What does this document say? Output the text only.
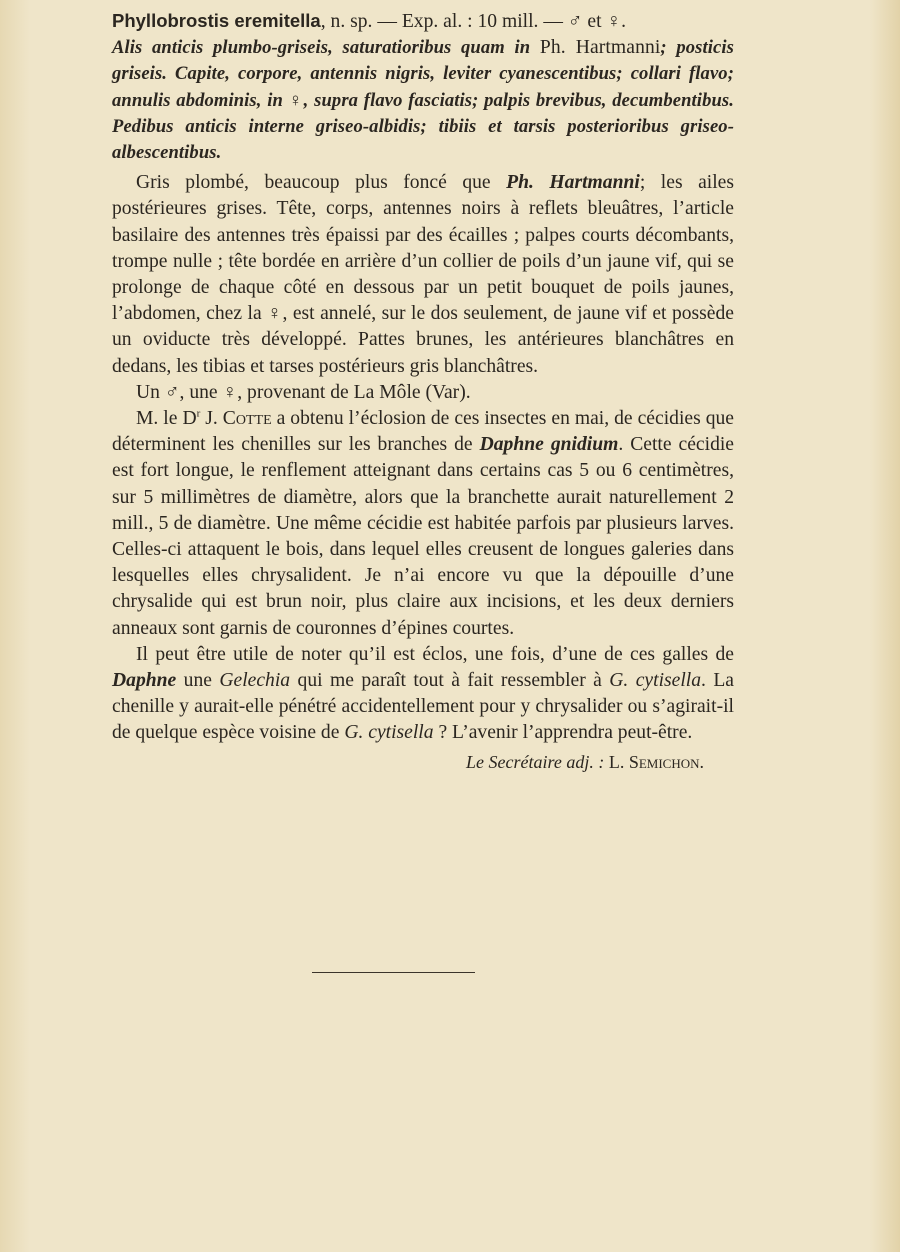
Phyllobrostis eremitella, n. sp. — Exp. al. : 10 mill. — ♂ et ♀.

Alis anticis plumbo-griseis, saturatioribus quam in Ph. Hartmanni; posticis griseis. Capite, corpore, antennis nigris, leviter cyanescentibus; collari flavo; annulis abdominis, in ♀, supra flavo fasciatis; palpis brevibus, decumbentibus. Pedibus anticis interne griseo-albidis; tibiis et tarsis posterioribus griseo-albescentibus.

Gris plombé, beaucoup plus foncé que Ph. Hartmanni; les ailes postérieures grises. Tête, corps, antennes noirs à reflets bleuâtres, l’article basilaire des antennes très épaissi par des écailles ; palpes courts décombants, trompe nulle ; tête bordée en arrière d’un collier de poils d’un jaune vif, qui se prolonge de chaque côté en dessous par un petit bouquet de poils jaunes, l’abdomen, chez la ♀, est annelé, sur le dos seulement, de jaune vif et possède un oviducte très développé. Pattes brunes, les antérieures blanchâtres en dedans, les tibias et tarses postérieurs gris blanchâtres.

Un ♂, une ♀, provenant de La Môle (Var).

M. le $D^r$ J. Cotte a obtenu l’éclosion de ces insectes en mai, de cécidies que déterminent les chenilles sur les branches de Daphne gnidium. Cette cécidie est fort longue, le renflement atteignant dans certains cas 5 ou 6 centimètres, sur 5 millimètres de diamètre, alors que la branchette aurait naturellement 2 mill., 5 de diamètre. Une même cécidie est habitée parfois par plusieurs larves. Celles-ci attaquent le bois, dans lequel elles creusent de longues galeries dans lesquelles elles chrysalident. Je n’ai encore vu que la dépouille d’une chrysalide qui est brun noir, plus claire aux incisions, et les deux derniers anneaux sont garnis de couronnes d’épines courtes.

Il peut être utile de noter qu’il est éclos, une fois, d’une de ces galles de Daphne une Gelechia qui me paraît tout à fait ressembler à G. cytisella. La chenille y aurait-elle pénétré accidentellement pour y chrysalider ou s’agirait-il de quelque espèce voisine de G. cytisella ? L’avenir l’apprendra peut-être.

Le Secrétaire adj. : L. Semichon.
